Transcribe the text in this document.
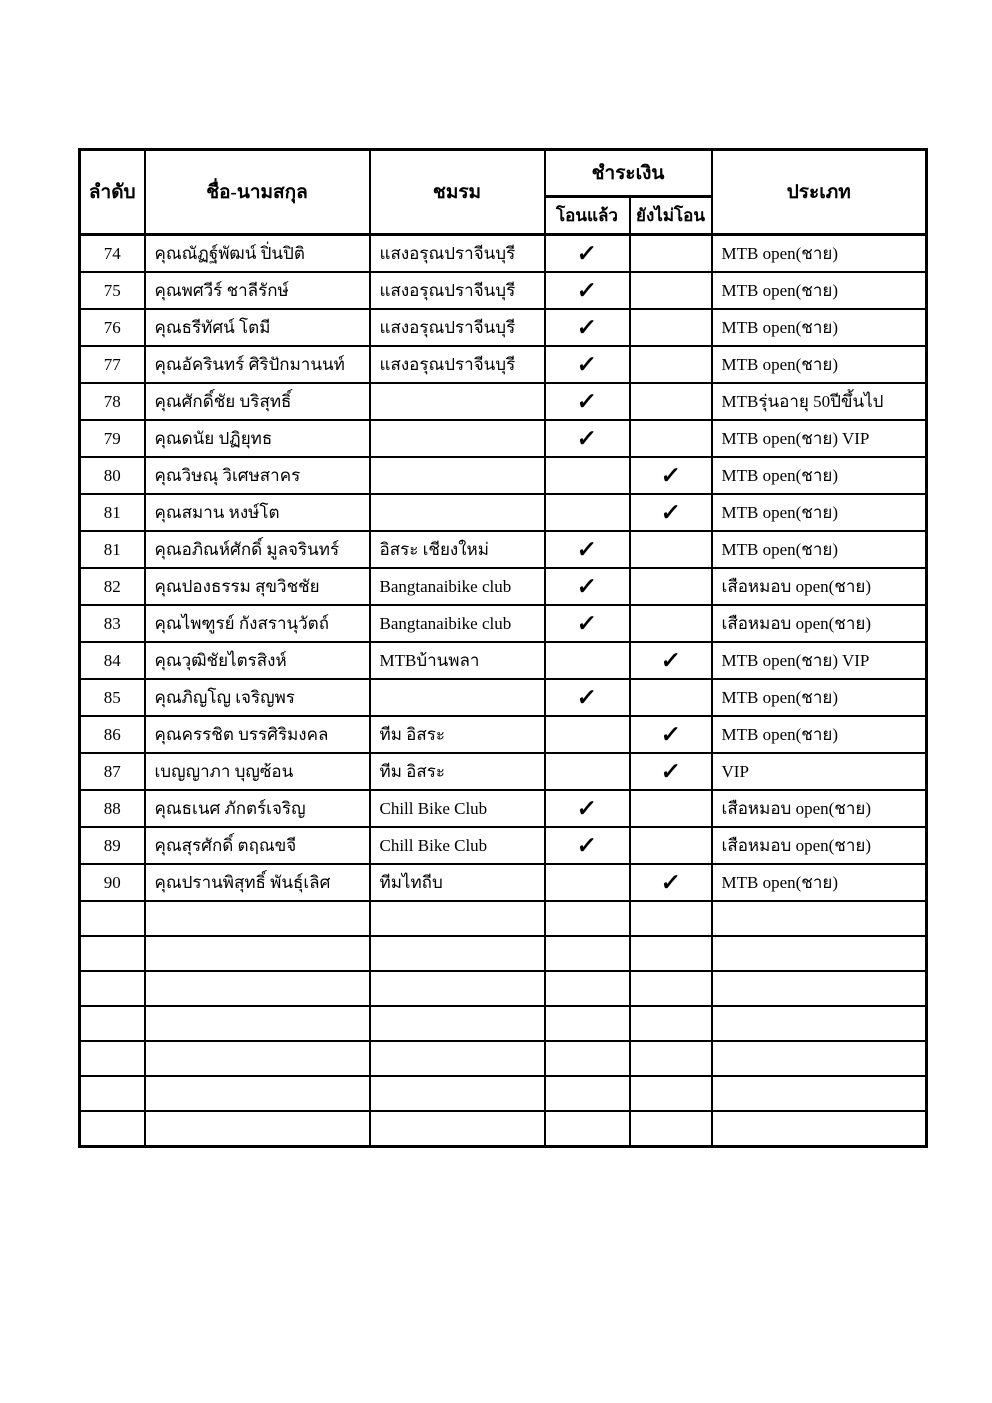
ลำดับ	ชื่อ-นามสกุล	ชมรม	ชำระเงิน		ประเภท
			โอนแล้ว	ยังไม่โอน	
74	คุณณัฏฐ์พัฒน์ ปิ่นปิติ	แสงอรุณปราจีนบุรี	✓		MTB open(ชาย)
75	คุณพศวีร์ ชาลีรักษ์	แสงอรุณปราจีนบุรี	✓		MTB open(ชาย)
76	คุณธรีทัศน์ โตมี	แสงอรุณปราจีนบุรี	✓		MTB open(ชาย)
77	คุณอัครินทร์ ศิริปักมานนท์	แสงอรุณปราจีนบุรี	✓		MTB open(ชาย)
78	คุณศักดิ์ชัย บริสุทธิ์		✓		MTBรุ่นอายุ 50ปีขึ้นไป
79	คุณดนัย ปฏิยุทธ		✓		MTB open(ชาย) VIP
80	คุณวิษณุ วิเศษสาคร			✓	MTB open(ชาย)
81	คุณสมาน หงษ์โต			✓	MTB open(ชาย)
81	คุณอภิณห์ศักดิ์ มูลจรินทร์	อิสระ เชียงใหม่	✓		MTB open(ชาย)
82	คุณปองธรรม สุขวิชชัย	Bangtanaibike club	✓		เสือหมอบ open(ชาย)
83	คุณไพฑูรย์ กังสรานุวัตถ์	Bangtanaibike club	✓		เสือหมอบ open(ชาย)
84	คุณวุฒิชัยไตรสิงห์	MTBบ้านพลา		✓	MTB open(ชาย) VIP
85	คุณภิญโญ เจริญพร		✓		MTB open(ชาย)
86	คุณครรชิต บรรศิริมงคล	ทีม อิสระ		✓	MTB open(ชาย)
87	เบญญาภา บุญซ้อน	ทีม อิสระ		✓	VIP
88	คุณธเนศ ภักตร์เจริญ	Chill Bike Club	✓		เสือหมอบ open(ชาย)
89	คุณสุรศักดิ์ ตฤณขจี	Chill Bike Club	✓		เสือหมอบ open(ชาย)
90	คุณปรานพิสุทธิ์ พันธุ์เลิศ	ทีมไทถีบ		✓	MTB open(ชาย)
